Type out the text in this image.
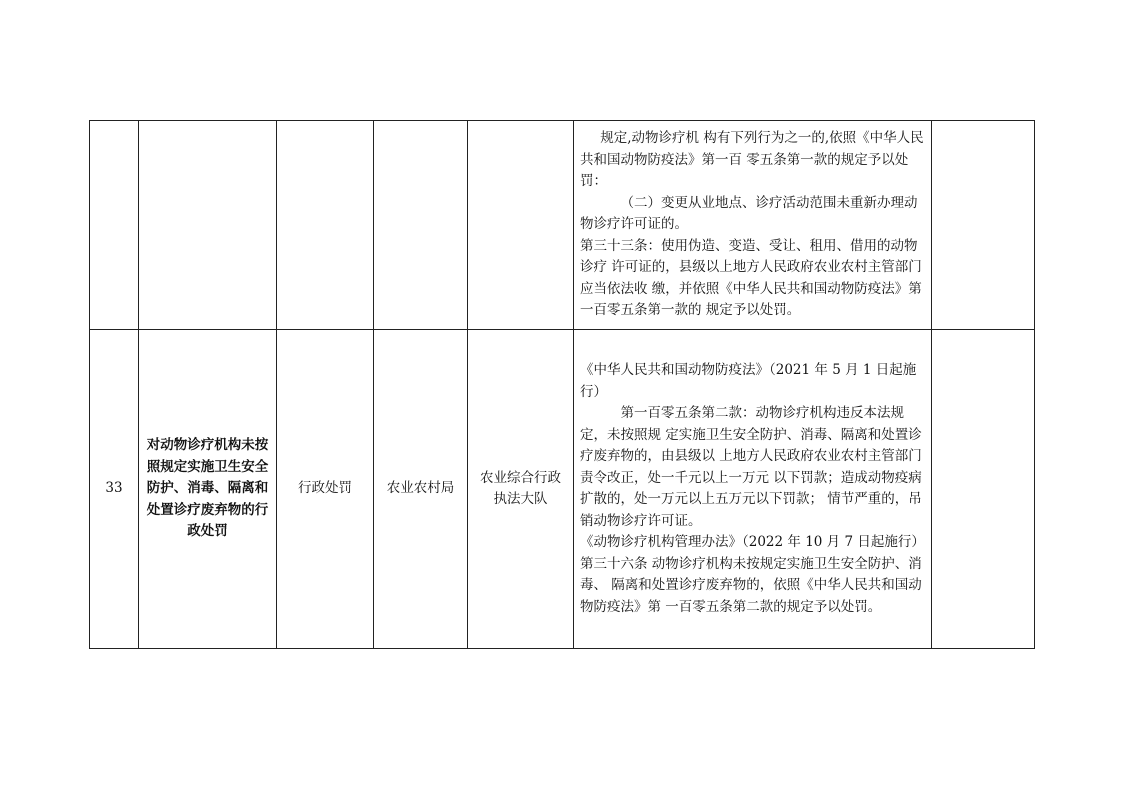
					规定,动物诊疗机 构有下列行为之一的,依照《中华人民共和国动物防疫法》第一百 零五条第一款的规定予以处罚：

（二）变更从业地点、诊疗活动范围未重新办理动物诊疗许可证的。

第三十三条：使用伪造、变造、受让、租用、借用的动物诊疗 许可证的，县级以上地方人民政府农业农村主管部门应当依法收 缴，并依照《中华人民共和国动物防疫法》第一百零五条第一款的 规定予以处罚。	

33	对动物诊疗机构未按照规定实施卫生安全防护、消毒、隔离和处置诊疗废弃物的行政处罚	行政处罚	农业农村局	农业综合行政执法大队	《中华人民共和国动物防疫法》（2021 年 5 月 1 日起施行）

第一百零五条第二款：动物诊疗机构违反本法规定，未按照规 定实施卫生安全防护、消毒、隔离和处置诊疗废弃物的，由县级以 上地方人民政府农业农村主管部门责令改正，处一千元以上一万元 以下罚款；造成动物疫病扩散的，处一万元以上五万元以下罚款； 情节严重的，吊销动物诊疗许可证。

《动物诊疗机构管理办法》（2022 年 10 月 7 日起施行）

第三十六条 动物诊疗机构未按规定实施卫生安全防护、消毒、 隔离和处置诊疗废弃物的，依照《中华人民共和国动物防疫法》第 一百零五条第二款的规定予以处罚。	
